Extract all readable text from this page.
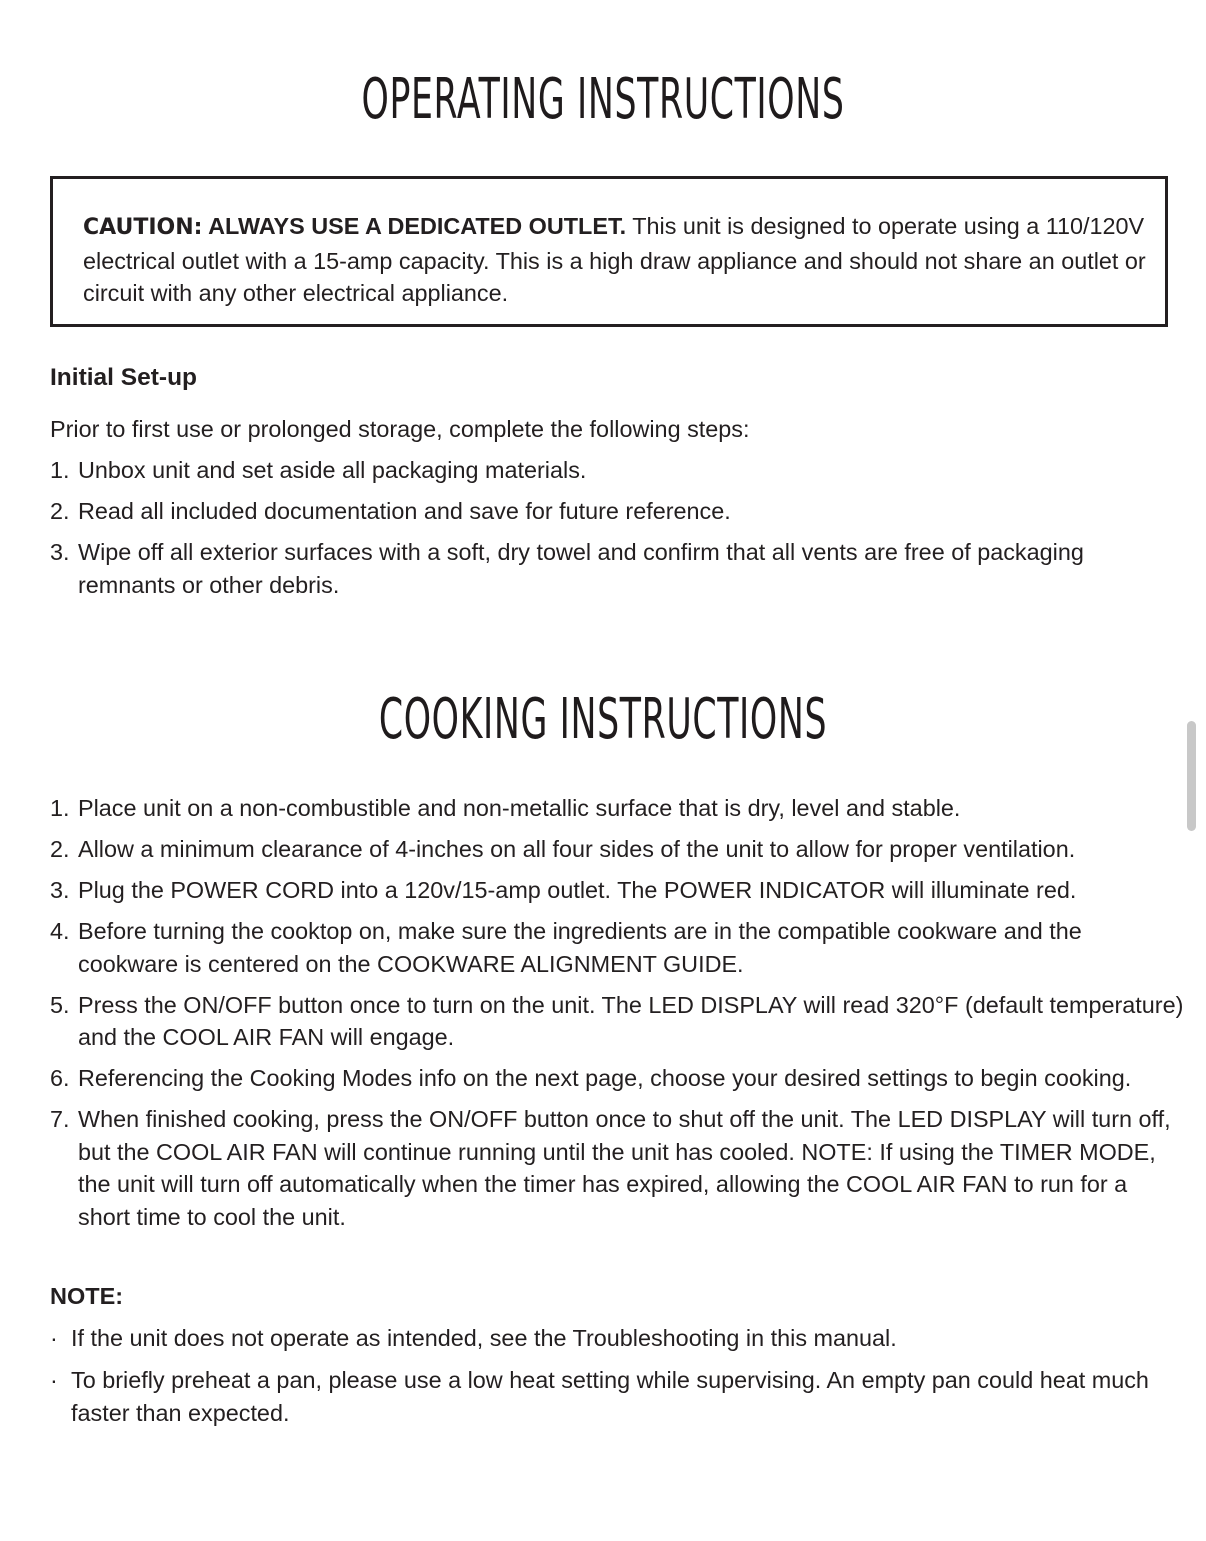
OPERATING INSTRUCTIONS

CAUTION: ALWAYS USE A DEDICATED OUTLET. This unit is designed to operate using a 110/120V electrical outlet with a 15-amp capacity. This is a high draw appliance and should not share an outlet or circuit with any other electrical appliance.

Initial Set-up

Prior to first use or prolonged storage, complete the following steps:

1. Unbox unit and set aside all packaging materials.
2. Read all included documentation and save for future reference.
3. Wipe off all exterior surfaces with a soft, dry towel and confirm that all vents are free of packaging remnants or other debris.
COOKING INSTRUCTIONS
1. Place unit on a non-combustible and non-metallic surface that is dry, level and stable.
2. Allow a minimum clearance of 4-inches on all four sides of the unit to allow for proper ventilation.
3. Plug the POWER CORD into a 120v/15-amp outlet. The POWER INDICATOR will illuminate red.
4. Before turning the cooktop on, make sure the ingredients are in the compatible cookware and the cookware is centered on the COOKWARE ALIGNMENT GUIDE.
5. Press the ON/OFF button once to turn on the unit. The LED DISPLAY will read 320°F (default temperature) and the COOL AIR FAN will engage.
6. Referencing the Cooking Modes info on the next page, choose your desired settings to begin cooking.
7. When finished cooking, press the ON/OFF button once to shut off the unit. The LED DISPLAY will turn off, but the COOL AIR FAN will continue running until the unit has cooled. NOTE: If using the TIMER MODE, the unit will turn off automatically when the timer has expired, allowing the COOL AIR FAN to run for a short time to cool the unit.
NOTE:
· If the unit does not operate as intended, see the Troubleshooting in this manual.
· To briefly preheat a pan, please use a low heat setting while supervising. An empty pan could heat much faster than expected.
